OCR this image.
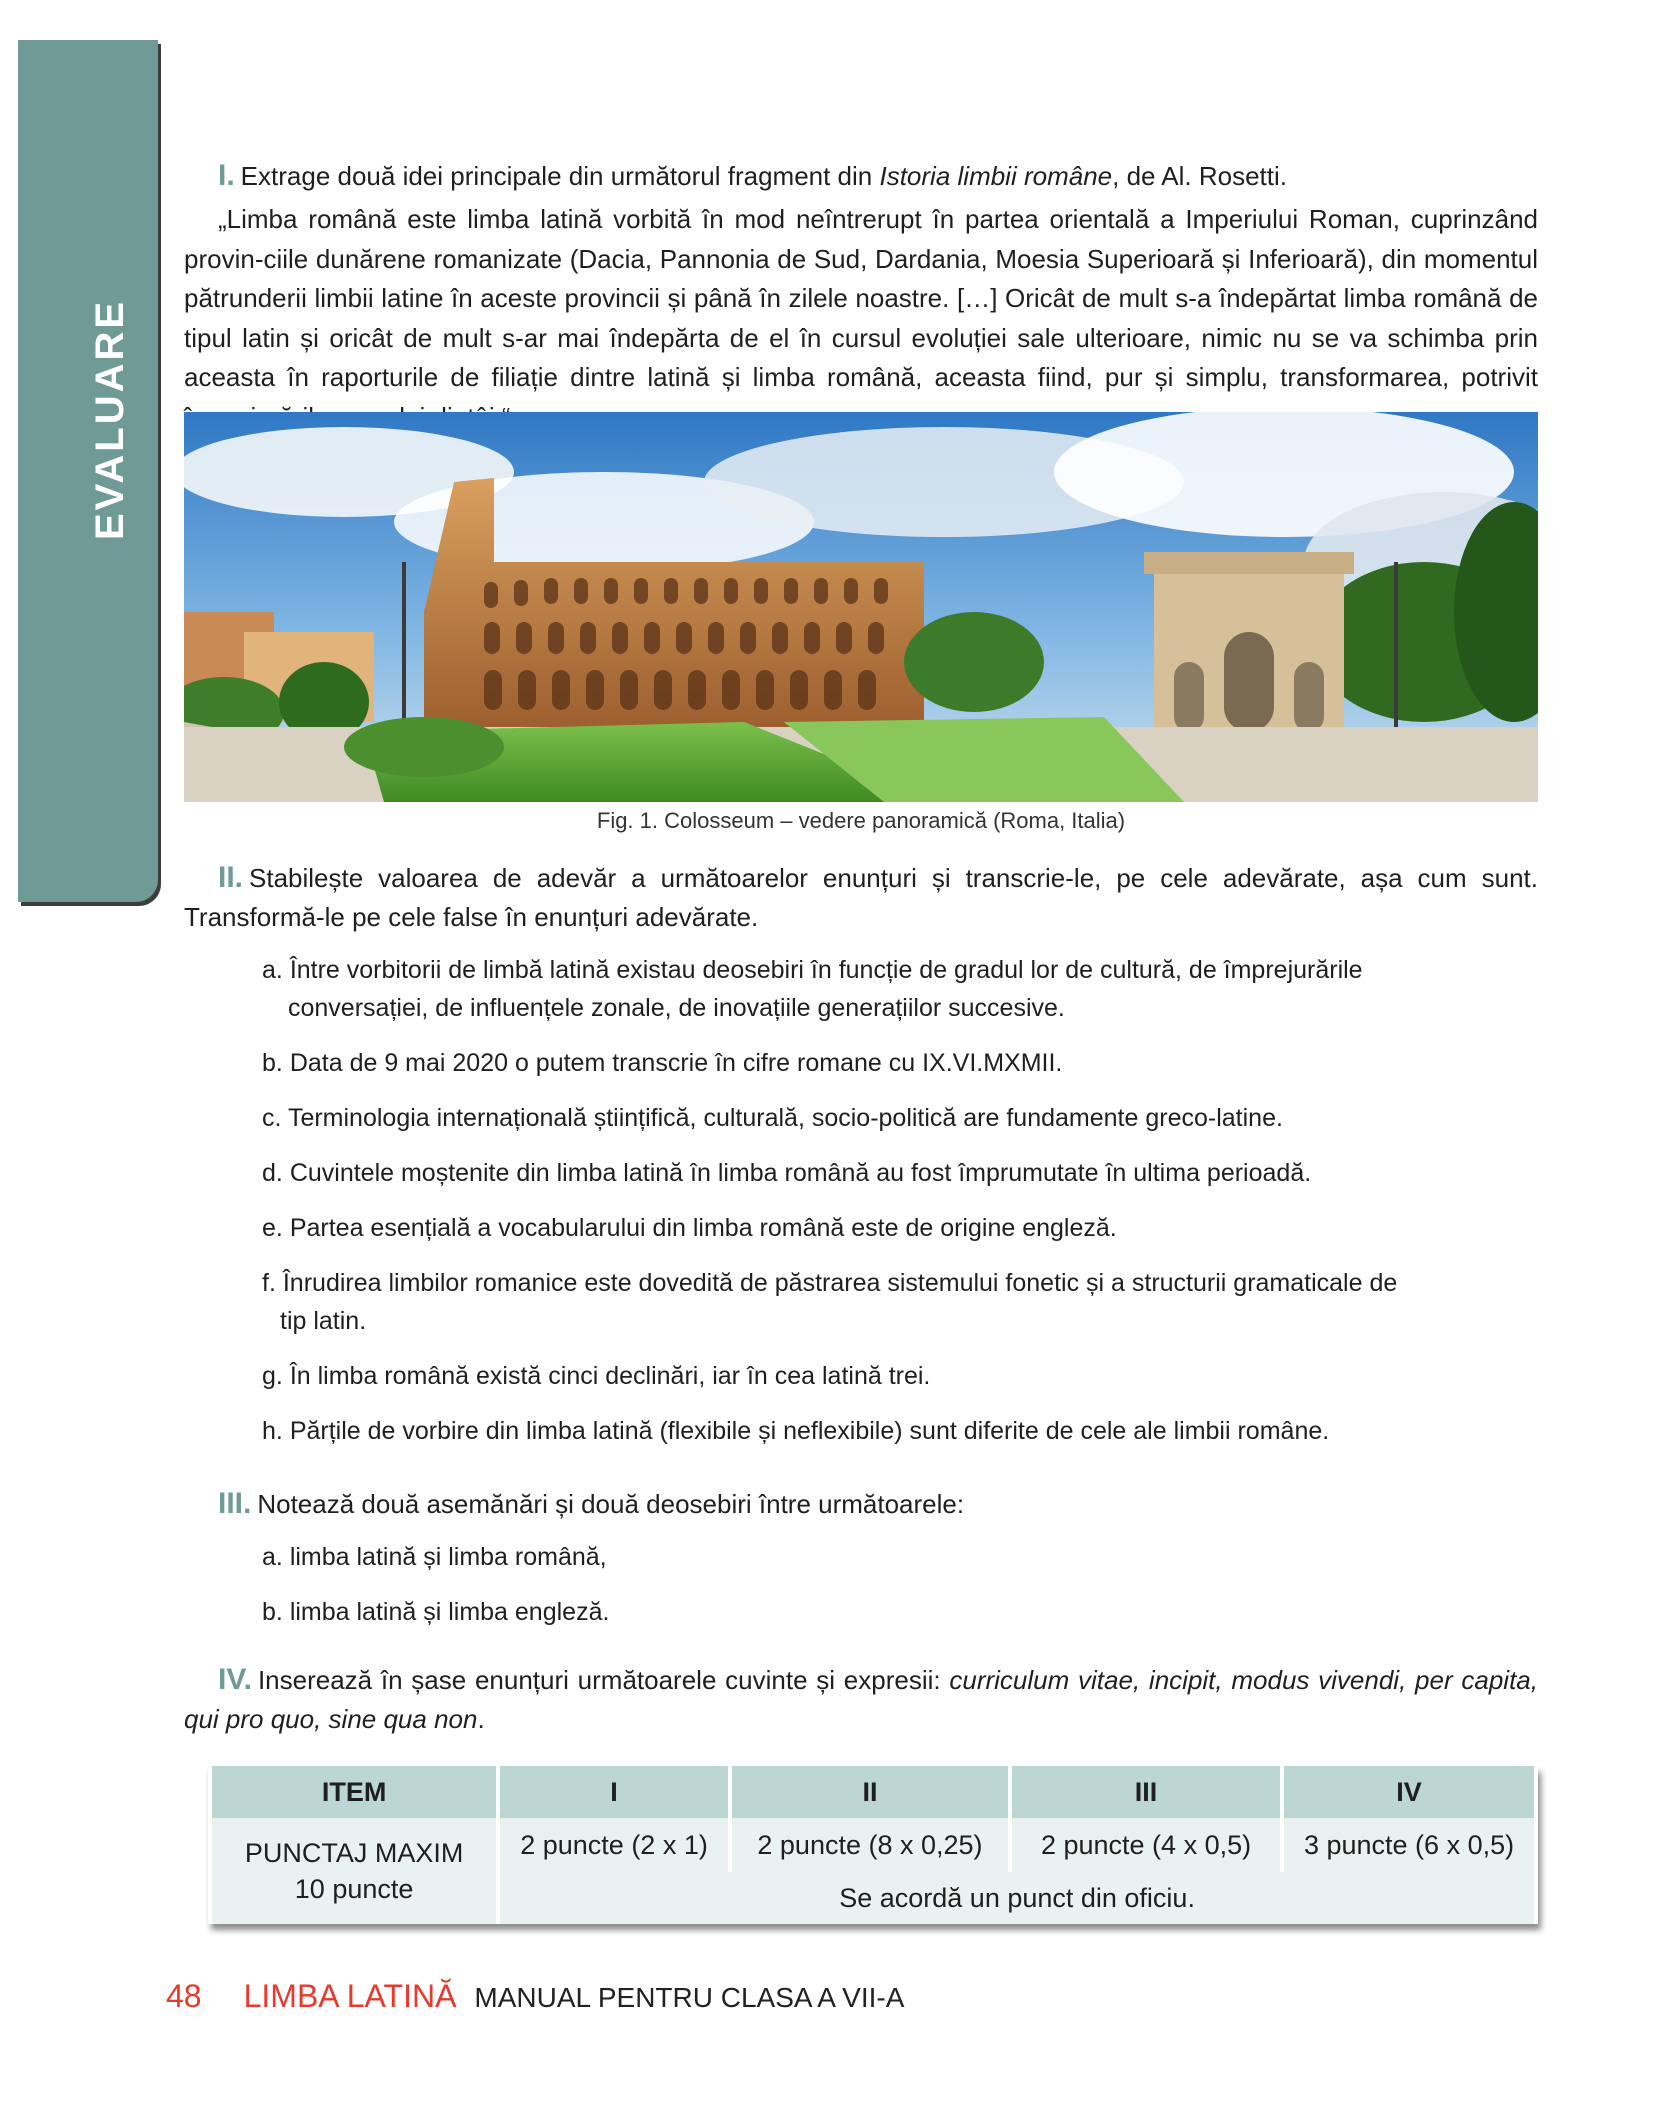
EVALUARE
I. Extrage două idei principale din următorul fragment din Istoria limbii române, de Al. Rosetti.
„Limba română este limba latină vorbită în mod neîntrerupt în partea orientală a Imperiului Roman, cuprinzând provin-ciile dunărene romanizate (Dacia, Pannonia de Sud, Dardania, Moesia Superioară și Inferioară), din momentul pătrunderii limbii latine în aceste provincii și până în zilele noastre. […] Oricât de mult s-a îndepărtat limba română de tipul latin și oricât de mult s-ar mai îndepărta de el în cursul evoluției sale ulterioare, nimic nu se va schimba prin aceasta în raporturile de filiație dintre latină și limba română, aceasta fiind, pur și simplu, transformarea, potrivit
Fig. 1. Colosseum – vedere panoramică (Roma, Italia)
II. Stabilește valoarea de adevăr a următoarelor enunțuri și transcrie-le, pe cele adevărate, așa cum sunt. Transformă-le pe cele false în enunțuri adevărate.
a. Între vorbitorii de limbă latină existau deosebiri în funcție de gradul lor de cultură, de împrejurările
conversației, de influențele zonale, de inovațiile generațiilor succesive.
b. Data de 9 mai 2020 o putem transcrie în cifre romane cu IX.VI.MXMII.
c. Terminologia internațională științifică, culturală, socio-politică are fundamente greco-latine.
d. Cuvintele moștenite din limba latină în limba română au fost împrumutate în ultima perioadă.
e. Partea esențială a vocabularului din limba română este de origine engleză.
f. Înrudirea limbilor romanice este dovedită de păstrarea sistemului fonetic și a structurii gramaticale de
tip latin.
g. În limba română există cinci declinări, iar în cea latină trei.
h. Părțile de vorbire din limba latină (flexibile și neflexibile) sunt diferite de cele ale limbii române.
III. Notează două asemănări și două deosebiri între următoarele:
a. limba latină și limba română,
b. limba latină și limba engleză.
IV. Inserează în șase enunțuri următoarele cuvinte și expresii: curriculum vitae, incipit, modus vivendi, per capita, qui pro quo, sine qua non.
ITEM	I	II	III	IV

PUNCTAJ MAXIM
10 puncte	2 puncte (2 x 1)	2 puncte (8 x 0,25)	2 puncte (4 x 0,5)	3 puncte (6 x 0,5)
	Se acordă un punct din oficiu.			
48 LIMBA LATINĂ MANUAL PENTRU CLASA A VII-A
